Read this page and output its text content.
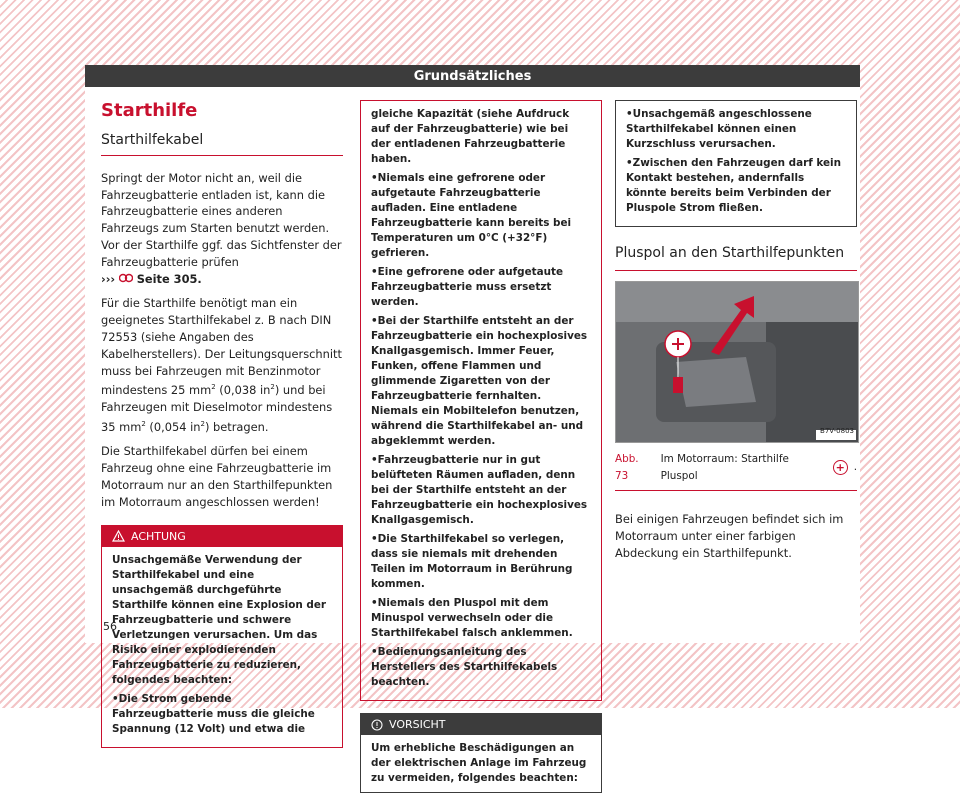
Grundsätzliches
Starthilfe
Starthilfekabel

Springt der Motor nicht an, weil die Fahrzeugbatterie entladen ist, kann die Fahrzeugbatterie eines anderen Fahrzeugs zum Starten benutzt werden. Vor der Starthilfe ggf. das Sichtfenster der Fahrzeugbatterie prüfen
›››  Seite 305.

Für die Starthilfe benötigt man ein geeignetes Starthilfekabel z. B nach DIN 72553 (siehe Angaben des Kabelherstellers). Der Leitungsquerschnitt muss bei Fahrzeugen mit Benzinmotor mindestens 25 $mm^2$ (0,038 $in^2$) und bei Fahrzeugen mit Dieselmotor mindestens 35 $mm^2$ (0,054 $in^2$) betragen.

Die Starthilfekabel dürfen bei einem Fahrzeug ohne eine Fahrzeugbatterie im Motorraum nur an den Starthilfepunkten im Motorraum angeschlossen werden!

ACHTUNG
Unsachgemäße Verwendung der Starthilfekabel und eine unsachgemäß durchgeführte Starthilfe können eine Explosion der Fahrzeugbatterie und schwere Verletzungen verursachen. Um das Risiko einer explodierenden Fahrzeugbatterie zu reduzieren, folgendes beachten:
•Die Strom gebende Fahrzeugbatterie muss die gleiche Spannung (12 Volt) und etwa die
gleiche Kapazität (siehe Aufdruck auf der Fahrzeugbatterie) wie bei der entladenen Fahrzeugbatterie haben.
•Niemals eine gefrorene oder aufgetaute Fahrzeugbatterie aufladen. Eine entladene Fahrzeugbatterie kann bereits bei Temperaturen um 0°C (+32°F) gefrieren.
•Eine gefrorene oder aufgetaute Fahrzeugbatterie muss ersetzt werden.
•Bei der Starthilfe entsteht an der Fahrzeugbatterie ein hochexplosives Knallgasgemisch. Immer Feuer, Funken, offene Flammen und glimmende Zigaretten von der Fahrzeugbatterie fernhalten. Niemals ein Mobiltelefon benutzen, während die Starthilfekabel an- und abgeklemmt werden.
•Fahrzeugbatterie nur in gut belüfteten Räumen aufladen, denn bei der Starthilfe entsteht an der Fahrzeugbatterie ein hochexplosives Knallgasgemisch.
•Die Starthilfekabel so verlegen, dass sie niemals mit drehenden Teilen im Motorraum in Berührung kommen.
•Niemals den Pluspol mit dem Minuspol verwechseln oder die Starthilfekabel falsch anklemmen.
•Bedienungsanleitung des Herstellers des Starthilfekabels beachten.
VORSICHT
Um erhebliche Beschädigungen an der elektrischen Anlage im Fahrzeug zu vermeiden, folgendes beachten:
•Unsachgemäß angeschlossene Starthilfekabel können einen Kurzschluss verursachen.
•Zwischen den Fahrzeugen darf kein Kontakt bestehen, andernfalls könnte bereits beim Verbinden der Pluspole Strom fließen.
Pluspol an den Starthilfepunkten
B7V-0803
Abb. 73
Im Motorraum: Starthilfe Pluspol
+ .

Bei einigen Fahrzeugen befindet sich im Motorraum unter einer farbigen Abdeckung ein Starthilfepunkt.

56
